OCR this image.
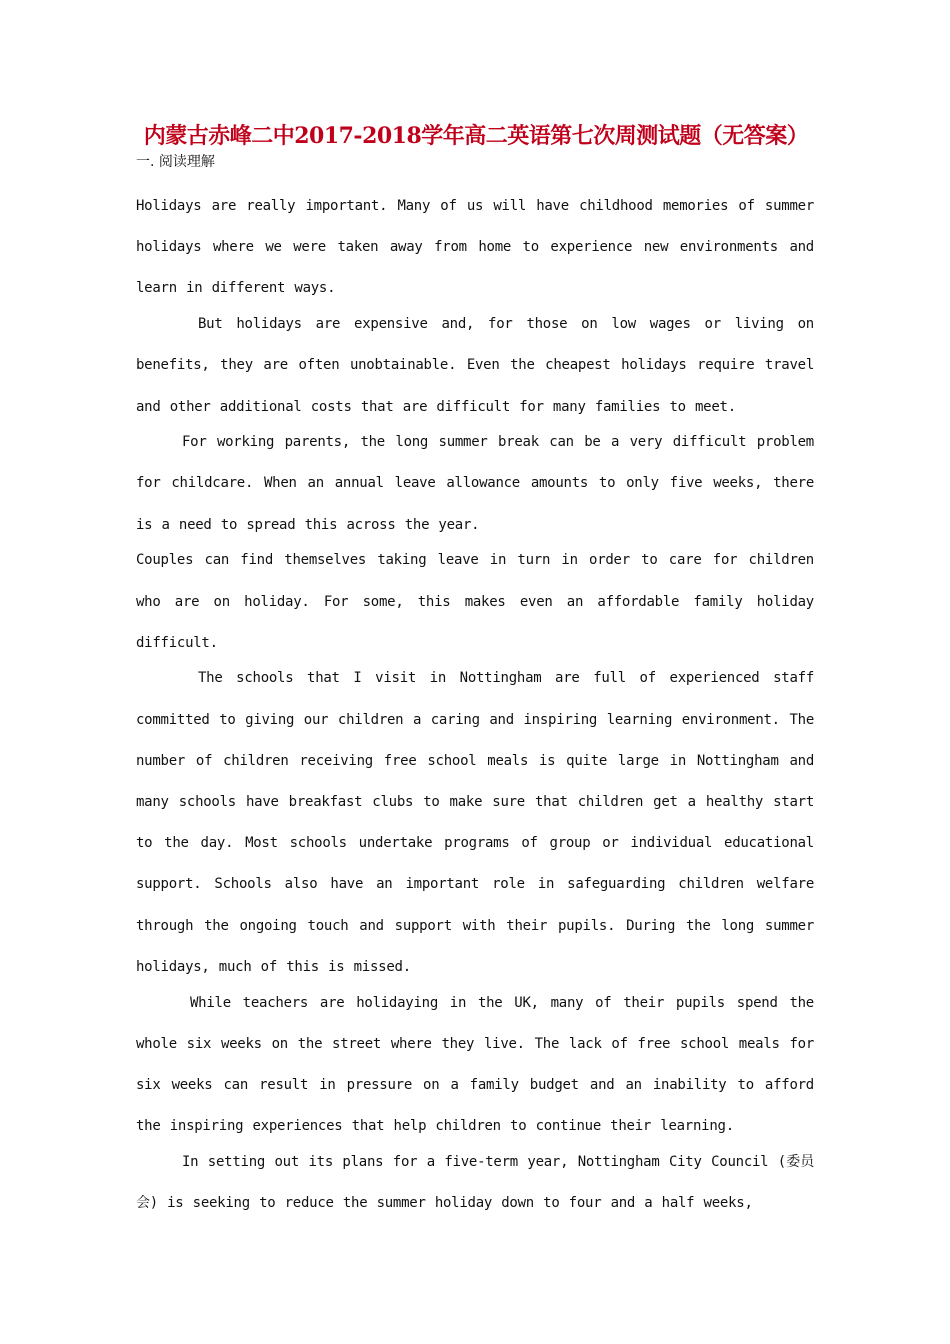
内蒙古赤峰二中2017-2018学年高二英语第七次周测试题（无答案）
一. 阅读理解

Holidays are really important. Many of us will have childhood memories of summer holidays where we were taken away from home to experience new environments and learn in different ways.

But holidays are expensive and, for those on low wages or living on benefits, they are often unobtainable. Even the cheapest holidays require travel and other additional costs that are difficult for many families to meet.

For working parents, the long summer break can be a very difficult problem for childcare. When an annual leave allowance amounts to only five weeks, there is a need to spread this across the year.

Couples can find themselves taking leave in turn in order to care for children who are on holiday. For some, this makes even an affordable family holiday difficult.

The schools that I visit in Nottingham are full of experienced staff committed to giving our children a caring and inspiring learning environment. The number of children receiving free school meals is quite large in Nottingham and many schools have breakfast clubs to make sure that children get a healthy start to the day. Most schools undertake programs of group or individual educational support. Schools also have an important role in safeguarding children welfare through the ongoing touch and support with their pupils. During the long summer holidays, much of this is missed.

While teachers are holidaying in the UK, many of their pupils spend the whole six weeks on the street where they live. The lack of free school meals for six weeks can result in pressure on a family budget and an inability to afford the inspiring experiences that help children to continue their learning.

In setting out its plans for a five-term year, Nottingham City Council (委员会) is seeking to reduce the summer holiday down to four and a half weeks,
